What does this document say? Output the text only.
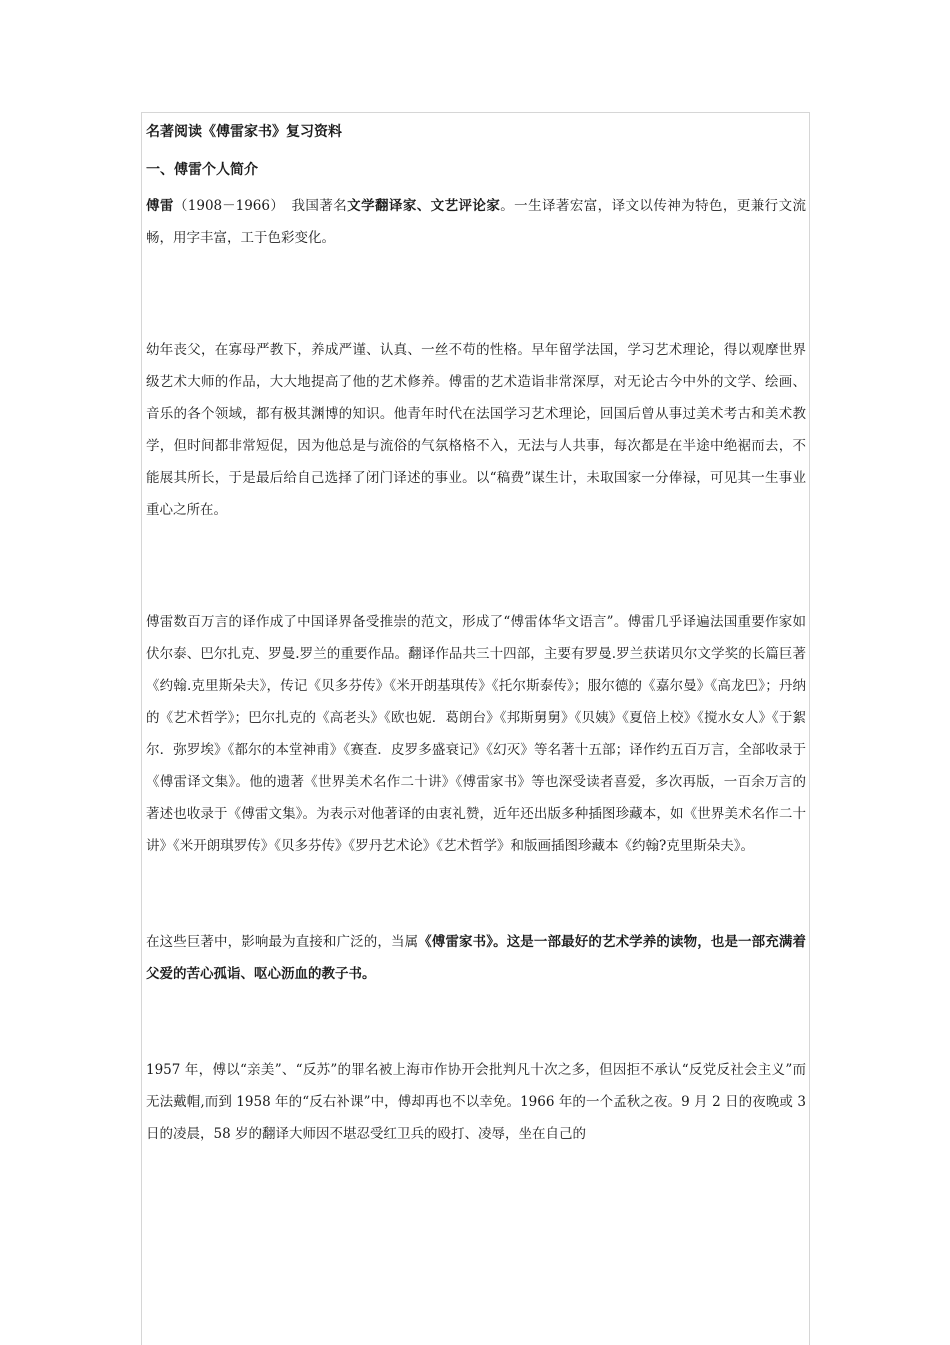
名著阅读《傅雷家书》复习资料

一、傅雷个人简介

傅雷（1908－1966）　 我国著名文学翻译家、文艺评论家。一生译著宏富，译文以传神为特色，更兼行文流畅，用字丰富，工于色彩变化。

幼年丧父，在寡母严教下，养成严谨、认真、一丝不苟的性格。早年留学法国，学习艺术理论，得以观摩世界级艺术大师的作品，大大地提高了他的艺术修养。傅雷的艺术造诣非常深厚，对无论古今中外的文学、绘画、音乐的各个领域，都有极其渊博的知识。他青年时代在法国学习艺术理论，回国后曾从事过美术考古和美术教学，但时间都非常短促，因为他总是与流俗的气氛格格不入，无法与人共事，每次都是在半途中绝裾而去，不能展其所长，于是最后给自己选择了闭门译述的事业。以“稿费”谋生计，未取国家一分俸禄，可见其一生事业重心之所在。

傅雷数百万言的译作成了中国译界备受推崇的范文，形成了“傅雷体华文语言”。傅雷几乎译遍法国重要作家如伏尔泰、巴尔扎克、罗曼.罗兰的重要作品。翻译作品共三十四部，主要有罗曼.罗兰获诺贝尔文学奖的长篇巨著《约翰.克里斯朵夫》，传记《贝多芬传》《米开朗基琪传》《托尔斯泰传》；服尔德的《嘉尔曼》《高龙巴》；丹纳的《艺术哲学》；巴尔扎克的《高老头》《欧也妮．葛朗台》《邦斯舅舅》《贝姨》《夏倍上校》《搅水女人》《于絮尔．弥罗埃》《都尔的本堂神甫》《赛查．皮罗多盛衰记》《幻灭》等名著十五部；译作约五百万言，全部收录于《傅雷译文集》。他的遗著《世界美术名作二十讲》《傅雷家书》等也深受读者喜爱，多次再版，一百余万言的著述也收录于《傅雷文集》。为表示对他著译的由衷礼赞，近年还出版多种插图珍藏本，如《世界美术名作二十讲》《米开朗琪罗传》《贝多芬传》《罗丹艺术论》《艺术哲学》和版画插图珍藏本《约翰?克里斯朵夫》。

在这些巨著中，影响最为直接和广泛的，当属《傅雷家书》。这是一部最好的艺术学养的读物，也是一部充满着父爱的苦心孤诣、呕心沥血的教子书。

1957 年，傅以“亲美”、“反苏”的罪名被上海市作协开会批判凡十次之多，但因拒不承认“反党反社会主义”而无法戴帽,而到 1958 年的“反右补课”中，傅却再也不以幸免。1966 年的一个孟秋之夜。9 月 2 日的夜晚或 3 日的凌晨，58 岁的翻译大师因不堪忍受红卫兵的殴打、凌辱，坐在自己的
